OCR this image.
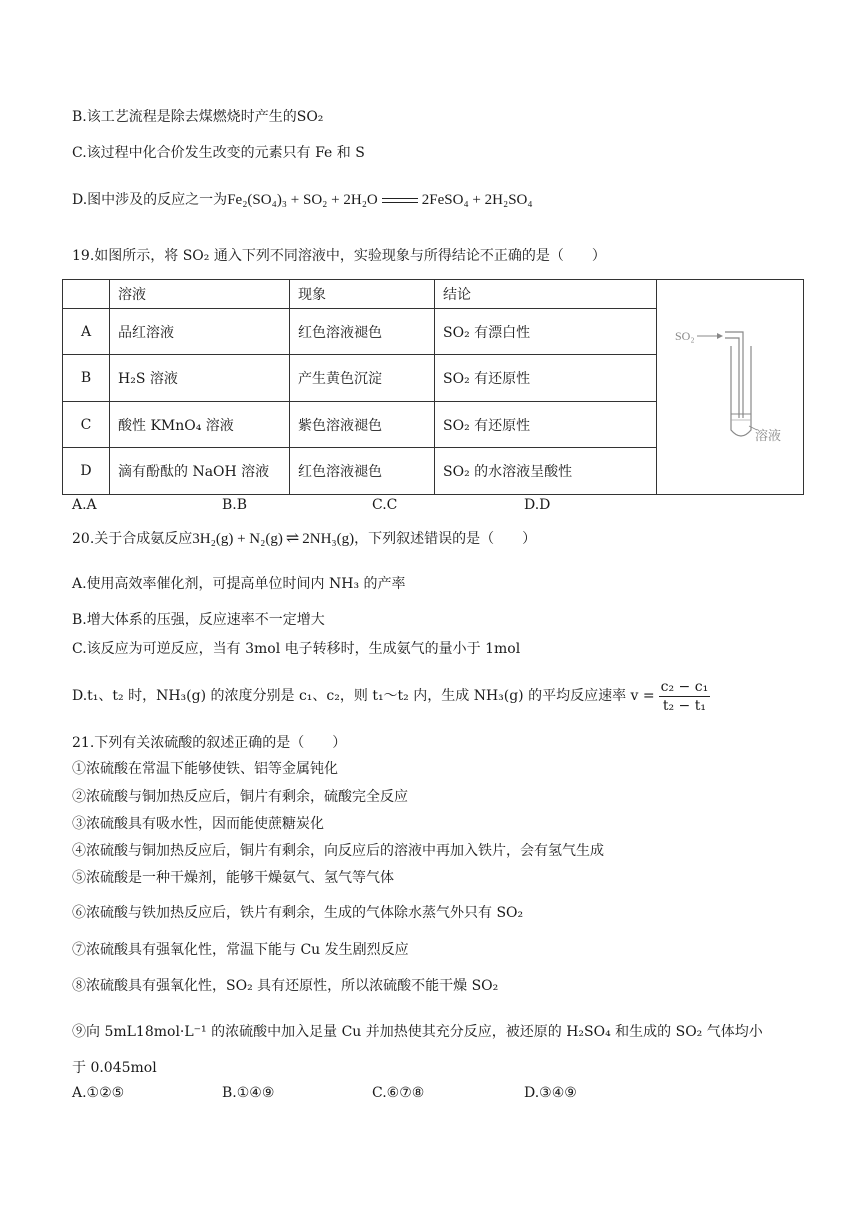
B.该工艺流程是除去煤燃烧时产生的SO₂
C.该过程中化合价发生改变的元素只有 Fe 和 S
D.图中涉及的反应之一为Fe₂(SO₄)₃ + SO₂ + 2H₂O	2FeSO₄ + 2H₂SO₄
19.如图所示，将 SO₂ 通入下列不同溶液中，实验现象与所得结论不正确的是（　　）
	溶液	现象	结论	SO₂
溶液

A	品红溶液	红色溶液褪色	SO₂ 有漂白性	
B	H₂S 溶液	产生黄色沉淀	SO₂ 有还原性	
C	酸性 KMnO₄ 溶液	紫色溶液褪色	SO₂ 有还原性	
D	滴有酚酞的 NaOH 溶液	红色溶液褪色	SO₂ 的水溶液呈酸性	
A.A	B.B	C.C	D.D
20.关于合成氨反应3H₂(g) + N₂(g) ⇌ 2NH₃(g)，下列叙述错误的是（　　）
A.使用高效率催化剂，可提高单位时间内 NH₃ 的产率
B.增大体系的压强，反应速率不一定增大
C.该反应为可逆反应，当有 3mol 电子转移时，生成氨气的量小于 1mol
D.t₁、t₂ 时，NH₃(g) 的浓度分别是 c₁、c₂，则 t₁～t₂ 内，生成 NH₃(g) 的平均反应速率 $v = \frac{\text{c₂ − c₁}}{\text{t₂ − t₁}}$
21.下列有关浓硫酸的叙述正确的是（　　）
①浓硫酸在常温下能够使铁、铝等金属钝化
②浓硫酸与铜加热反应后，铜片有剩余，硫酸完全反应
③浓硫酸具有吸水性，因而能使蔗糖炭化
④浓硫酸与铜加热反应后，铜片有剩余，向反应后的溶液中再加入铁片，会有氢气生成
⑤浓硫酸是一种干燥剂，能够干燥氨气、氢气等气体
⑥浓硫酸与铁加热反应后，铁片有剩余，生成的气体除水蒸气外只有 SO₂
⑦浓硫酸具有强氧化性，常温下能与 Cu 发生剧烈反应
⑧浓硫酸具有强氧化性，SO₂ 具有还原性，所以浓硫酸不能干燥 SO₂
⑨向 5mL18mol·L⁻¹ 的浓硫酸中加入足量 Cu 并加热使其充分反应，被还原的 H₂SO₄ 和生成的 SO₂ 气体均小
于 0.045mol
A.①②⑤	B.①④⑨	C.⑥⑦⑧	D.③④⑨
